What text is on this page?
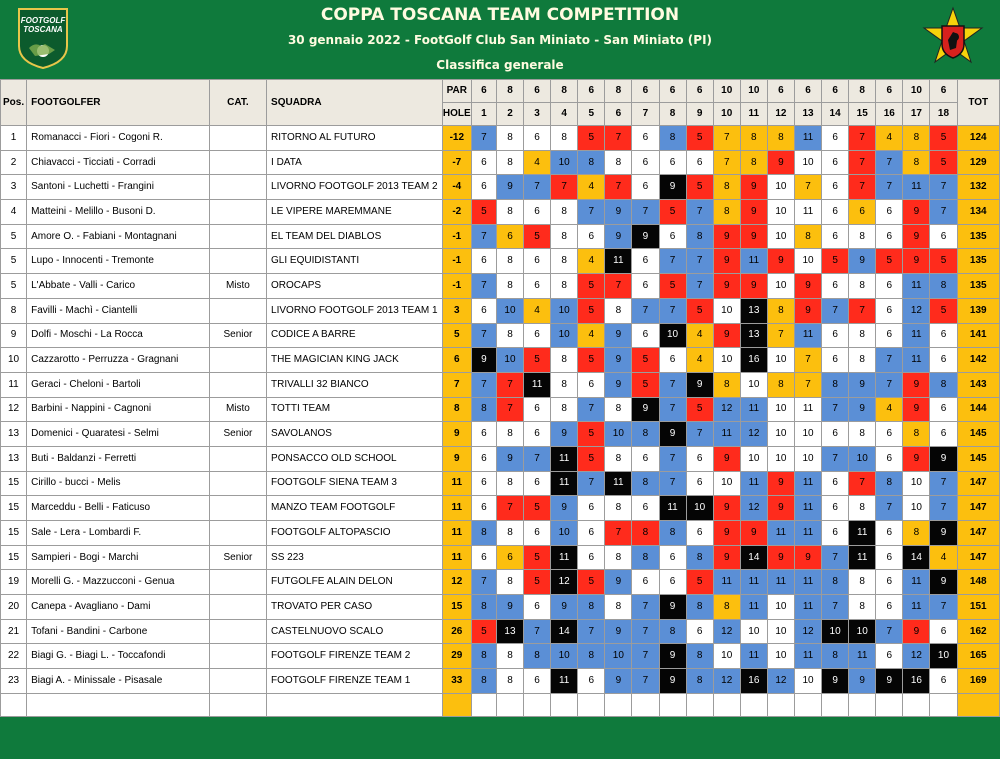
FOOTGOLF
TOSCANA
COPPA TOSCANA TEAM COMPETITION
30 gennaio 2022 - FootGolf Club San Miniato - San Miniato (PI)
Classifica generale
Pos.	FOOTGOLFER	CAT.	SQUADRA	PAR	6	8	6	8	6	8	6	6	6	10	10	6	6	6	8	6	10	6	TOT
				HOLE	1	2	3	4	5	6	7	8	9	10	11	12	13	14	15	16	17	18	
1	Romanacci - Fiori - Cogoni R.		RITORNO AL FUTURO	-12	7	8	6	8	5	7	6	8	5	7	8	8	11	6	7	4	8	5	124
2	Chiavacci - Ticciati - Corradi		I DATA	-7	6	8	4	10	8	8	6	6	6	7	8	9	10	6	7	7	8	5	129
3	Santoni - Luchetti - Frangini		LIVORNO FOOTGOLF 2013 TEAM 2	-4	6	9	7	7	4	7	6	9	5	8	9	10	7	6	7	7	11	7	132
4	Matteini - Melillo - Busoni D.		LE VIPERE MAREMMANE	-2	5	8	6	8	7	9	7	5	7	8	9	10	11	6	6	6	9	7	134
5	Amore O. - Fabiani - Montagnani		EL TEAM DEL DIABLOS	-1	7	6	5	8	6	9	9	6	8	9	9	10	8	6	8	6	9	6	135
5	Lupo - Innocenti - Tremonte		GLI EQUIDISTANTI	-1	6	8	6	8	4	11	6	7	7	9	11	9	10	5	9	5	9	5	135
5	L'Abbate - Valli - Carico	Misto	OROCAPS	-1	7	8	6	8	5	7	6	5	7	9	9	10	9	6	8	6	11	8	135
8	Favilli - Machì - Ciantelli		LIVORNO FOOTGOLF 2013 TEAM 1	3	6	10	4	10	5	8	7	7	5	10	13	8	9	7	7	6	12	5	139
9	Dolfi - Moschi - La Rocca	Senior	CODICE A BARRE	5	7	8	6	10	4	9	6	10	4	9	13	7	11	6	8	6	11	6	141
10	Cazzarotto - Perruzza - Gragnani		THE MAGICIAN KING JACK	6	9	10	5	8	5	9	5	6	4	10	16	10	7	6	8	7	11	6	142
11	Geraci - Cheloni - Bartoli		TRIVALLI 32 BIANCO	7	7	7	11	8	6	9	5	7	9	8	10	8	7	8	9	7	9	8	143
12	Barbini - Nappini - Cagnoni	Misto	TOTTI TEAM	8	8	7	6	8	7	8	9	7	5	12	11	10	11	7	9	4	9	6	144
13	Domenici - Quaratesi - Selmi	Senior	SAVOLANOS	9	6	8	6	9	5	10	8	9	7	11	12	10	10	6	8	6	8	6	145
13	Buti - Baldanzi - Ferretti		PONSACCO OLD SCHOOL	9	6	9	7	11	5	8	6	7	6	9	10	10	10	7	10	6	9	9	145
15	Cirillo - bucci - Melis		FOOTGOLF SIENA TEAM 3	11	6	8	6	11	7	11	8	7	6	10	11	9	11	6	7	8	10	7	147
15	Marceddu - Belli - Faticuso		MANZO TEAM FOOTGOLF	11	6	7	5	9	6	8	6	11	10	9	12	9	11	6	8	7	10	7	147
15	Sale - Lera - Lombardi F.		FOOTGOLF ALTOPASCIO	11	8	8	6	10	6	7	8	8	6	9	9	11	11	6	11	6	8	9	147
15	Sampieri - Bogi - Marchi	Senior	SS 223	11	6	6	5	11	6	8	8	6	8	9	14	9	9	7	11	6	14	4	147
19	Morelli G. - Mazzucconi - Genua		FUTGOLFE ALAIN DELON	12	7	8	5	12	5	9	6	6	5	11	11	11	11	8	8	6	11	9	148
20	Canepa - Avagliano - Dami		TROVATO PER CASO	15	8	9	6	9	8	8	7	9	8	8	11	10	11	7	8	6	11	7	151
21	Tofani - Bandini - Carbone		CASTELNUOVO SCALO	26	5	13	7	14	7	9	7	8	6	12	10	10	12	10	10	7	9	6	162
22	Biagi G. - Biagi L. - Toccafondi		FOOTGOLF FIRENZE TEAM 2	29	8	8	8	10	8	10	7	9	8	10	11	10	11	8	11	6	12	10	165
23	Biagi A. - Minissale - Pisasale		FOOTGOLF FIRENZE TEAM 1	33	8	8	6	11	6	9	7	9	8	12	16	12	10	9	9	9	16	6	169
